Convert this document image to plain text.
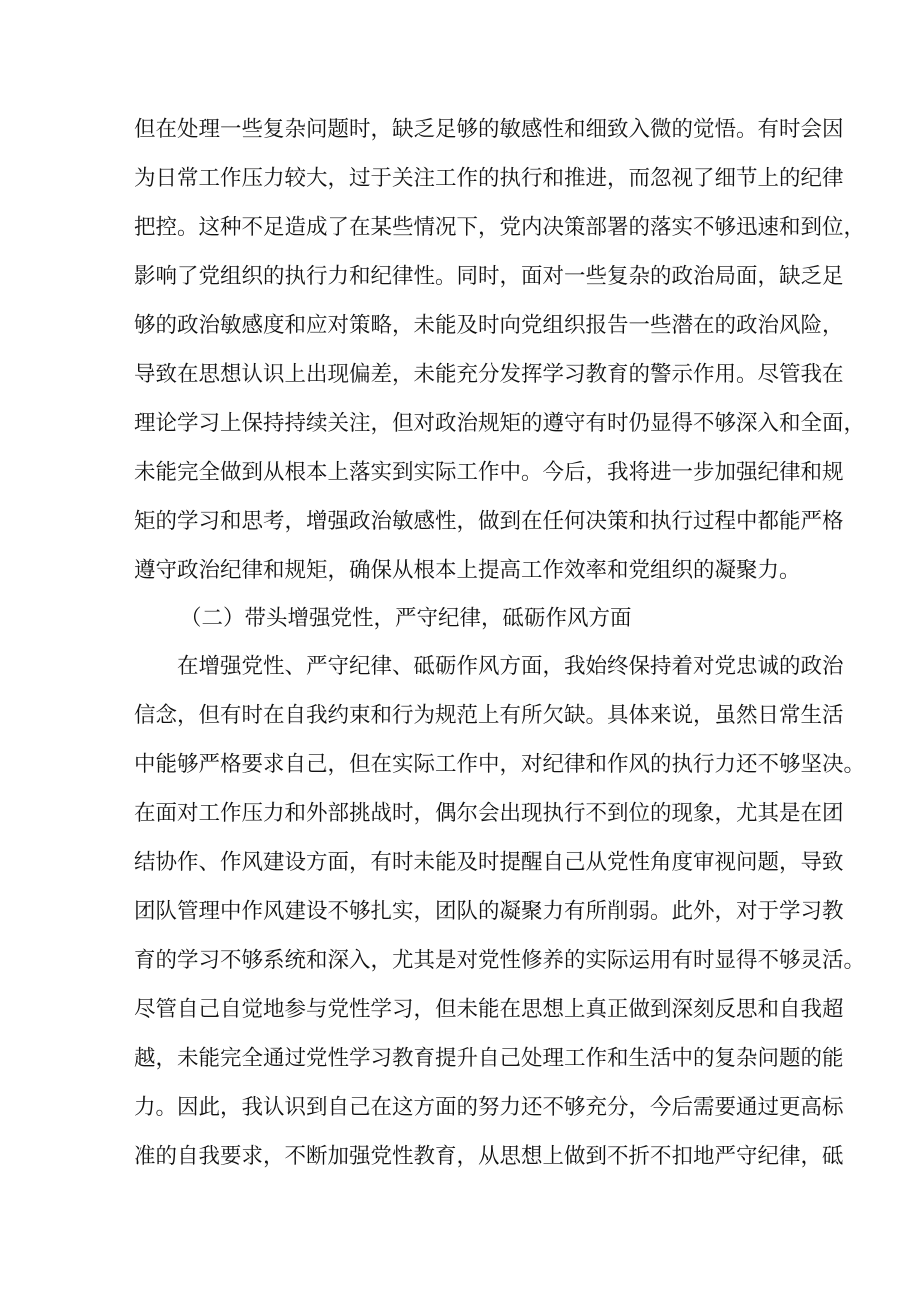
但在处理一些复杂问题时，缺乏足够的敏感性和细致入微的觉悟。有时会因
为日常工作压力较大，过于关注工作的执行和推进，而忽视了细节上的纪律
把控。这种不足造成了在某些情况下，党内决策部署的落实不够迅速和到位，
影响了党组织的执行力和纪律性。同时，面对一些复杂的政治局面，缺乏足
够的政治敏感度和应对策略，未能及时向党组织报告一些潜在的政治风险，
导致在思想认识上出现偏差，未能充分发挥学习教育的警示作用。尽管我在
理论学习上保持持续关注，但对政治规矩的遵守有时仍显得不够深入和全面，
未能完全做到从根本上落实到实际工作中。今后，我将进一步加强纪律和规
矩的学习和思考，增强政治敏感性，做到在任何决策和执行过程中都能严格
遵守政治纪律和规矩，确保从根本上提高工作效率和党组织的凝聚力。
（二）带头增强党性，严守纪律，砥砺作风方面
在增强党性、严守纪律、砥砺作风方面，我始终保持着对党忠诚的政治
信念，但有时在自我约束和行为规范上有所欠缺。具体来说，虽然日常生活
中能够严格要求自己，但在实际工作中，对纪律和作风的执行力还不够坚决。
在面对工作压力和外部挑战时，偶尔会出现执行不到位的现象，尤其是在团
结协作、作风建设方面，有时未能及时提醒自己从党性角度审视问题，导致
团队管理中作风建设不够扎实，团队的凝聚力有所削弱。此外，对于学习教
育的学习不够系统和深入，尤其是对党性修养的实际运用有时显得不够灵活。
尽管自己自觉地参与党性学习，但未能在思想上真正做到深刻反思和自我超
越，未能完全通过党性学习教育提升自己处理工作和生活中的复杂问题的能
力。因此，我认识到自己在这方面的努力还不够充分，今后需要通过更高标
准的自我要求，不断加强党性教育，从思想上做到不折不扣地严守纪律，砥
